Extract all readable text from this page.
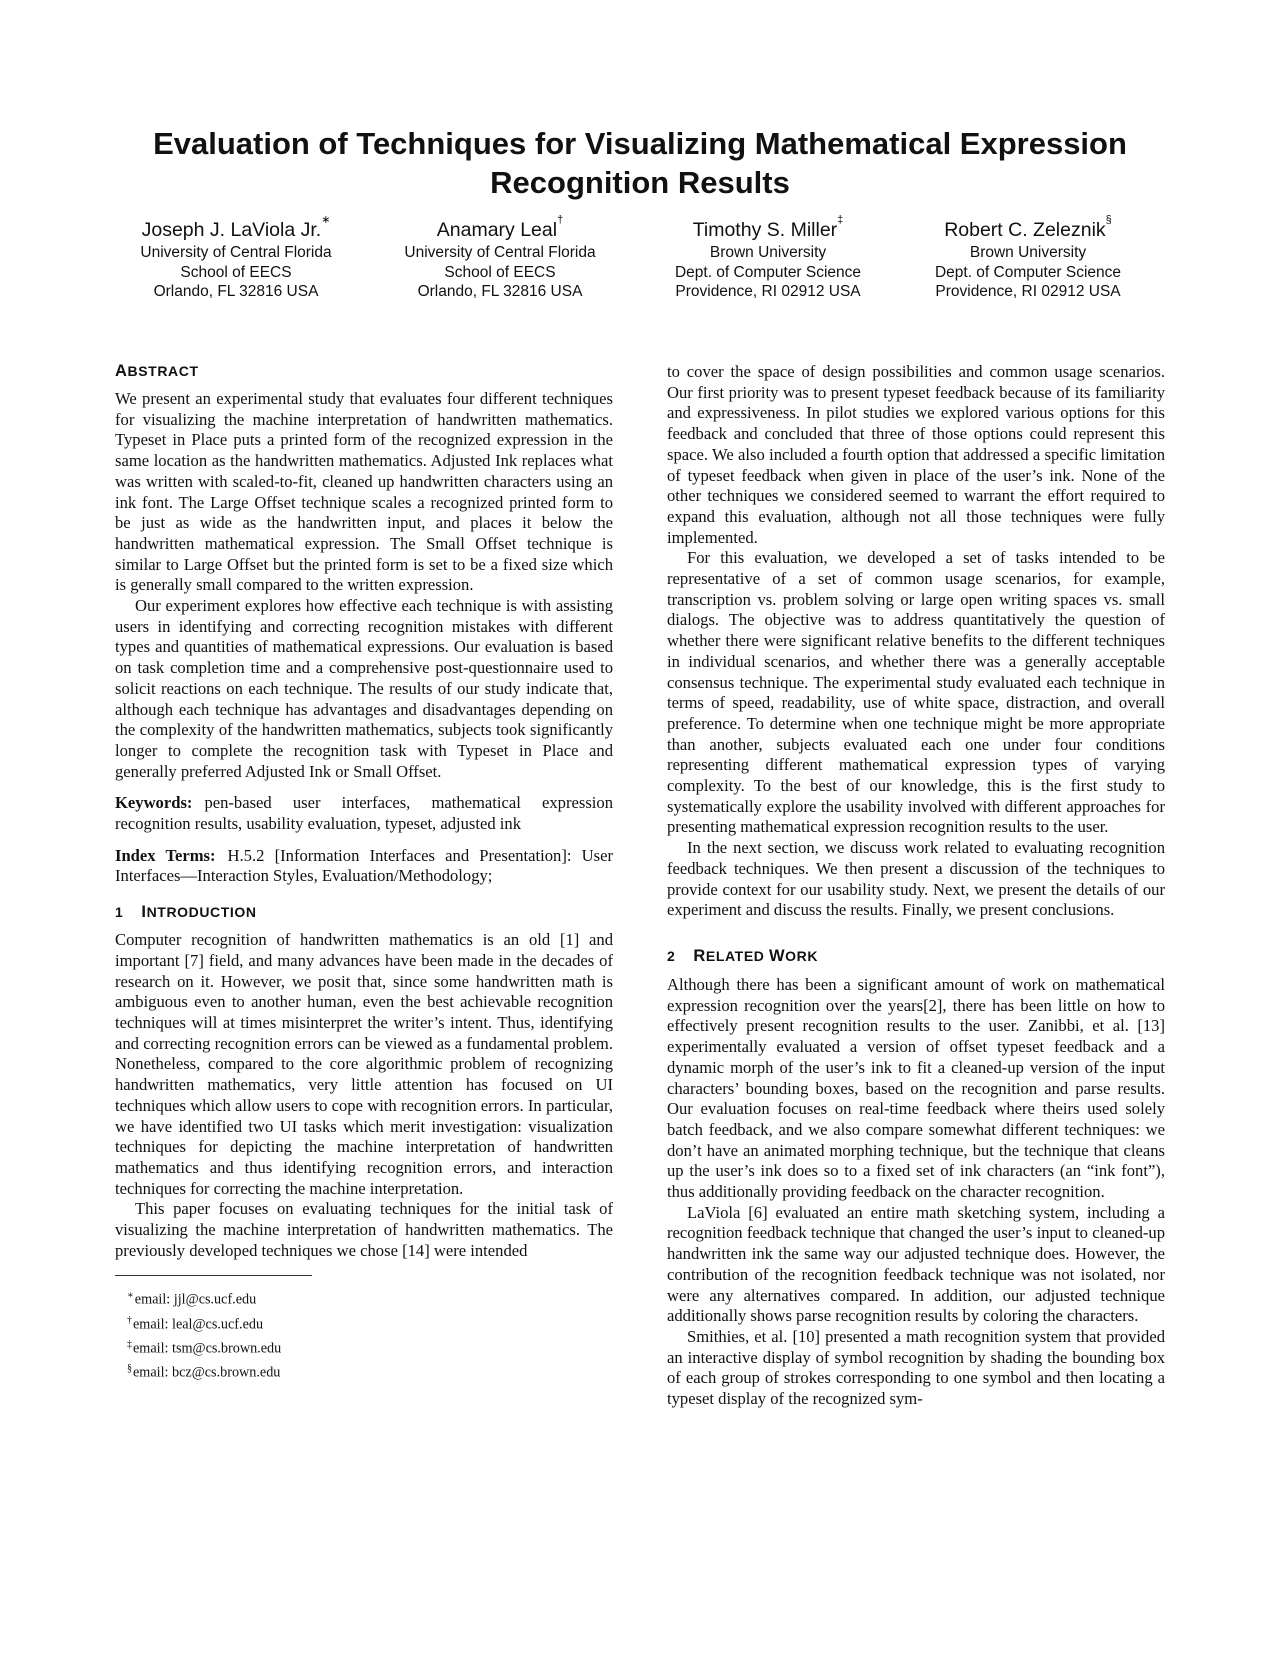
Evaluation of Techniques for Visualizing Mathematical Expression Recognition Results
Joseph J. LaViola Jr.∗
University of Central Florida
School of EECS
Orlando, FL 32816 USA
Anamary Leal†
University of Central Florida
School of EECS
Orlando, FL 32816 USA
Timothy S. Miller‡
Brown University
Dept. of Computer Science
Providence, RI 02912 USA
Robert C. Zeleznik§
Brown University
Dept. of Computer Science
Providence, RI 02912 USA
ABSTRACT

We present an experimental study that evaluates four different techniques for visualizing the machine interpretation of handwritten mathematics. Typeset in Place puts a printed form of the recognized expression in the same location as the handwritten mathematics. Adjusted Ink replaces what was written with scaled-to-fit, cleaned up handwritten characters using an ink font. The Large Offset technique scales a recognized printed form to be just as wide as the handwritten input, and places it below the handwritten mathematical expression. The Small Offset technique is similar to Large Offset but the printed form is set to be a fixed size which is generally small compared to the written expression.

Our experiment explores how effective each technique is with assisting users in identifying and correcting recognition mistakes with different types and quantities of mathematical expressions. Our evaluation is based on task completion time and a comprehensive post-questionnaire used to solicit reactions on each technique. The results of our study indicate that, although each technique has advantages and disadvantages depending on the complexity of the handwritten mathematics, subjects took significantly longer to complete the recognition task with Typeset in Place and generally preferred Adjusted Ink or Small Offset.

Keywords: pen-based user interfaces, mathematical expression recognition results, usability evaluation, typeset, adjusted ink

Index Terms: H.5.2 [Information Interfaces and Presentation]: User Interfaces—Interaction Styles, Evaluation/Methodology;

1 INTRODUCTION

Computer recognition of handwritten mathematics is an old [1] and important [7] field, and many advances have been made in the decades of research on it. However, we posit that, since some handwritten math is ambiguous even to another human, even the best achievable recognition techniques will at times misinterpret the writer’s intent. Thus, identifying and correcting recognition errors can be viewed as a fundamental problem. Nonetheless, compared to the core algorithmic problem of recognizing handwritten mathematics, very little attention has focused on UI techniques which allow users to cope with recognition errors. In particular, we have identified two UI tasks which merit investigation: visualization techniques for depicting the machine interpretation of handwritten mathematics and thus identifying recognition errors, and interaction techniques for correcting the machine interpretation.

This paper focuses on evaluating techniques for the initial task of visualizing the machine interpretation of handwritten mathematics. The previously developed techniques we chose [14] were intended

∗email: jjl@cs.ucf.edu

†email: leal@cs.ucf.edu

‡email: tsm@cs.brown.edu

§email: bcz@cs.brown.edu

to cover the space of design possibilities and common usage scenarios. Our first priority was to present typeset feedback because of its familiarity and expressiveness. In pilot studies we explored various options for this feedback and concluded that three of those options could represent this space. We also included a fourth option that addressed a specific limitation of typeset feedback when given in place of the user’s ink. None of the other techniques we considered seemed to warrant the effort required to expand this evaluation, although not all those techniques were fully implemented.

For this evaluation, we developed a set of tasks intended to be representative of a set of common usage scenarios, for example, transcription vs. problem solving or large open writing spaces vs. small dialogs. The objective was to address quantitatively the question of whether there were significant relative benefits to the different techniques in individual scenarios, and whether there was a generally acceptable consensus technique. The experimental study evaluated each technique in terms of speed, readability, use of white space, distraction, and overall preference. To determine when one technique might be more appropriate than another, subjects evaluated each one under four conditions representing different mathematical expression types of varying complexity. To the best of our knowledge, this is the first study to systematically explore the usability involved with different approaches for presenting mathematical expression recognition results to the user.

In the next section, we discuss work related to evaluating recognition feedback techniques. We then present a discussion of the techniques to provide context for our usability study. Next, we present the details of our experiment and discuss the results. Finally, we present conclusions.

2 RELATED WORK

Although there has been a significant amount of work on mathematical expression recognition over the years[2], there has been little on how to effectively present recognition results to the user. Zanibbi, et al. [13] experimentally evaluated a version of offset typeset feedback and a dynamic morph of the user’s ink to fit a cleaned-up version of the input characters’ bounding boxes, based on the recognition and parse results. Our evaluation focuses on real-time feedback where theirs used solely batch feedback, and we also compare somewhat different techniques: we don’t have an animated morphing technique, but the technique that cleans up the user’s ink does so to a fixed set of ink characters (an “ink font”), thus additionally providing feedback on the character recognition.

LaViola [6] evaluated an entire math sketching system, including a recognition feedback technique that changed the user’s input to cleaned-up handwritten ink the same way our adjusted technique does. However, the contribution of the recognition feedback technique was not isolated, nor were any alternatives compared. In addition, our adjusted technique additionally shows parse recognition results by coloring the characters.

Smithies, et al. [10] presented a math recognition system that provided an interactive display of symbol recognition by shading the bounding box of each group of strokes corresponding to one symbol and then locating a typeset display of the recognized sym-
